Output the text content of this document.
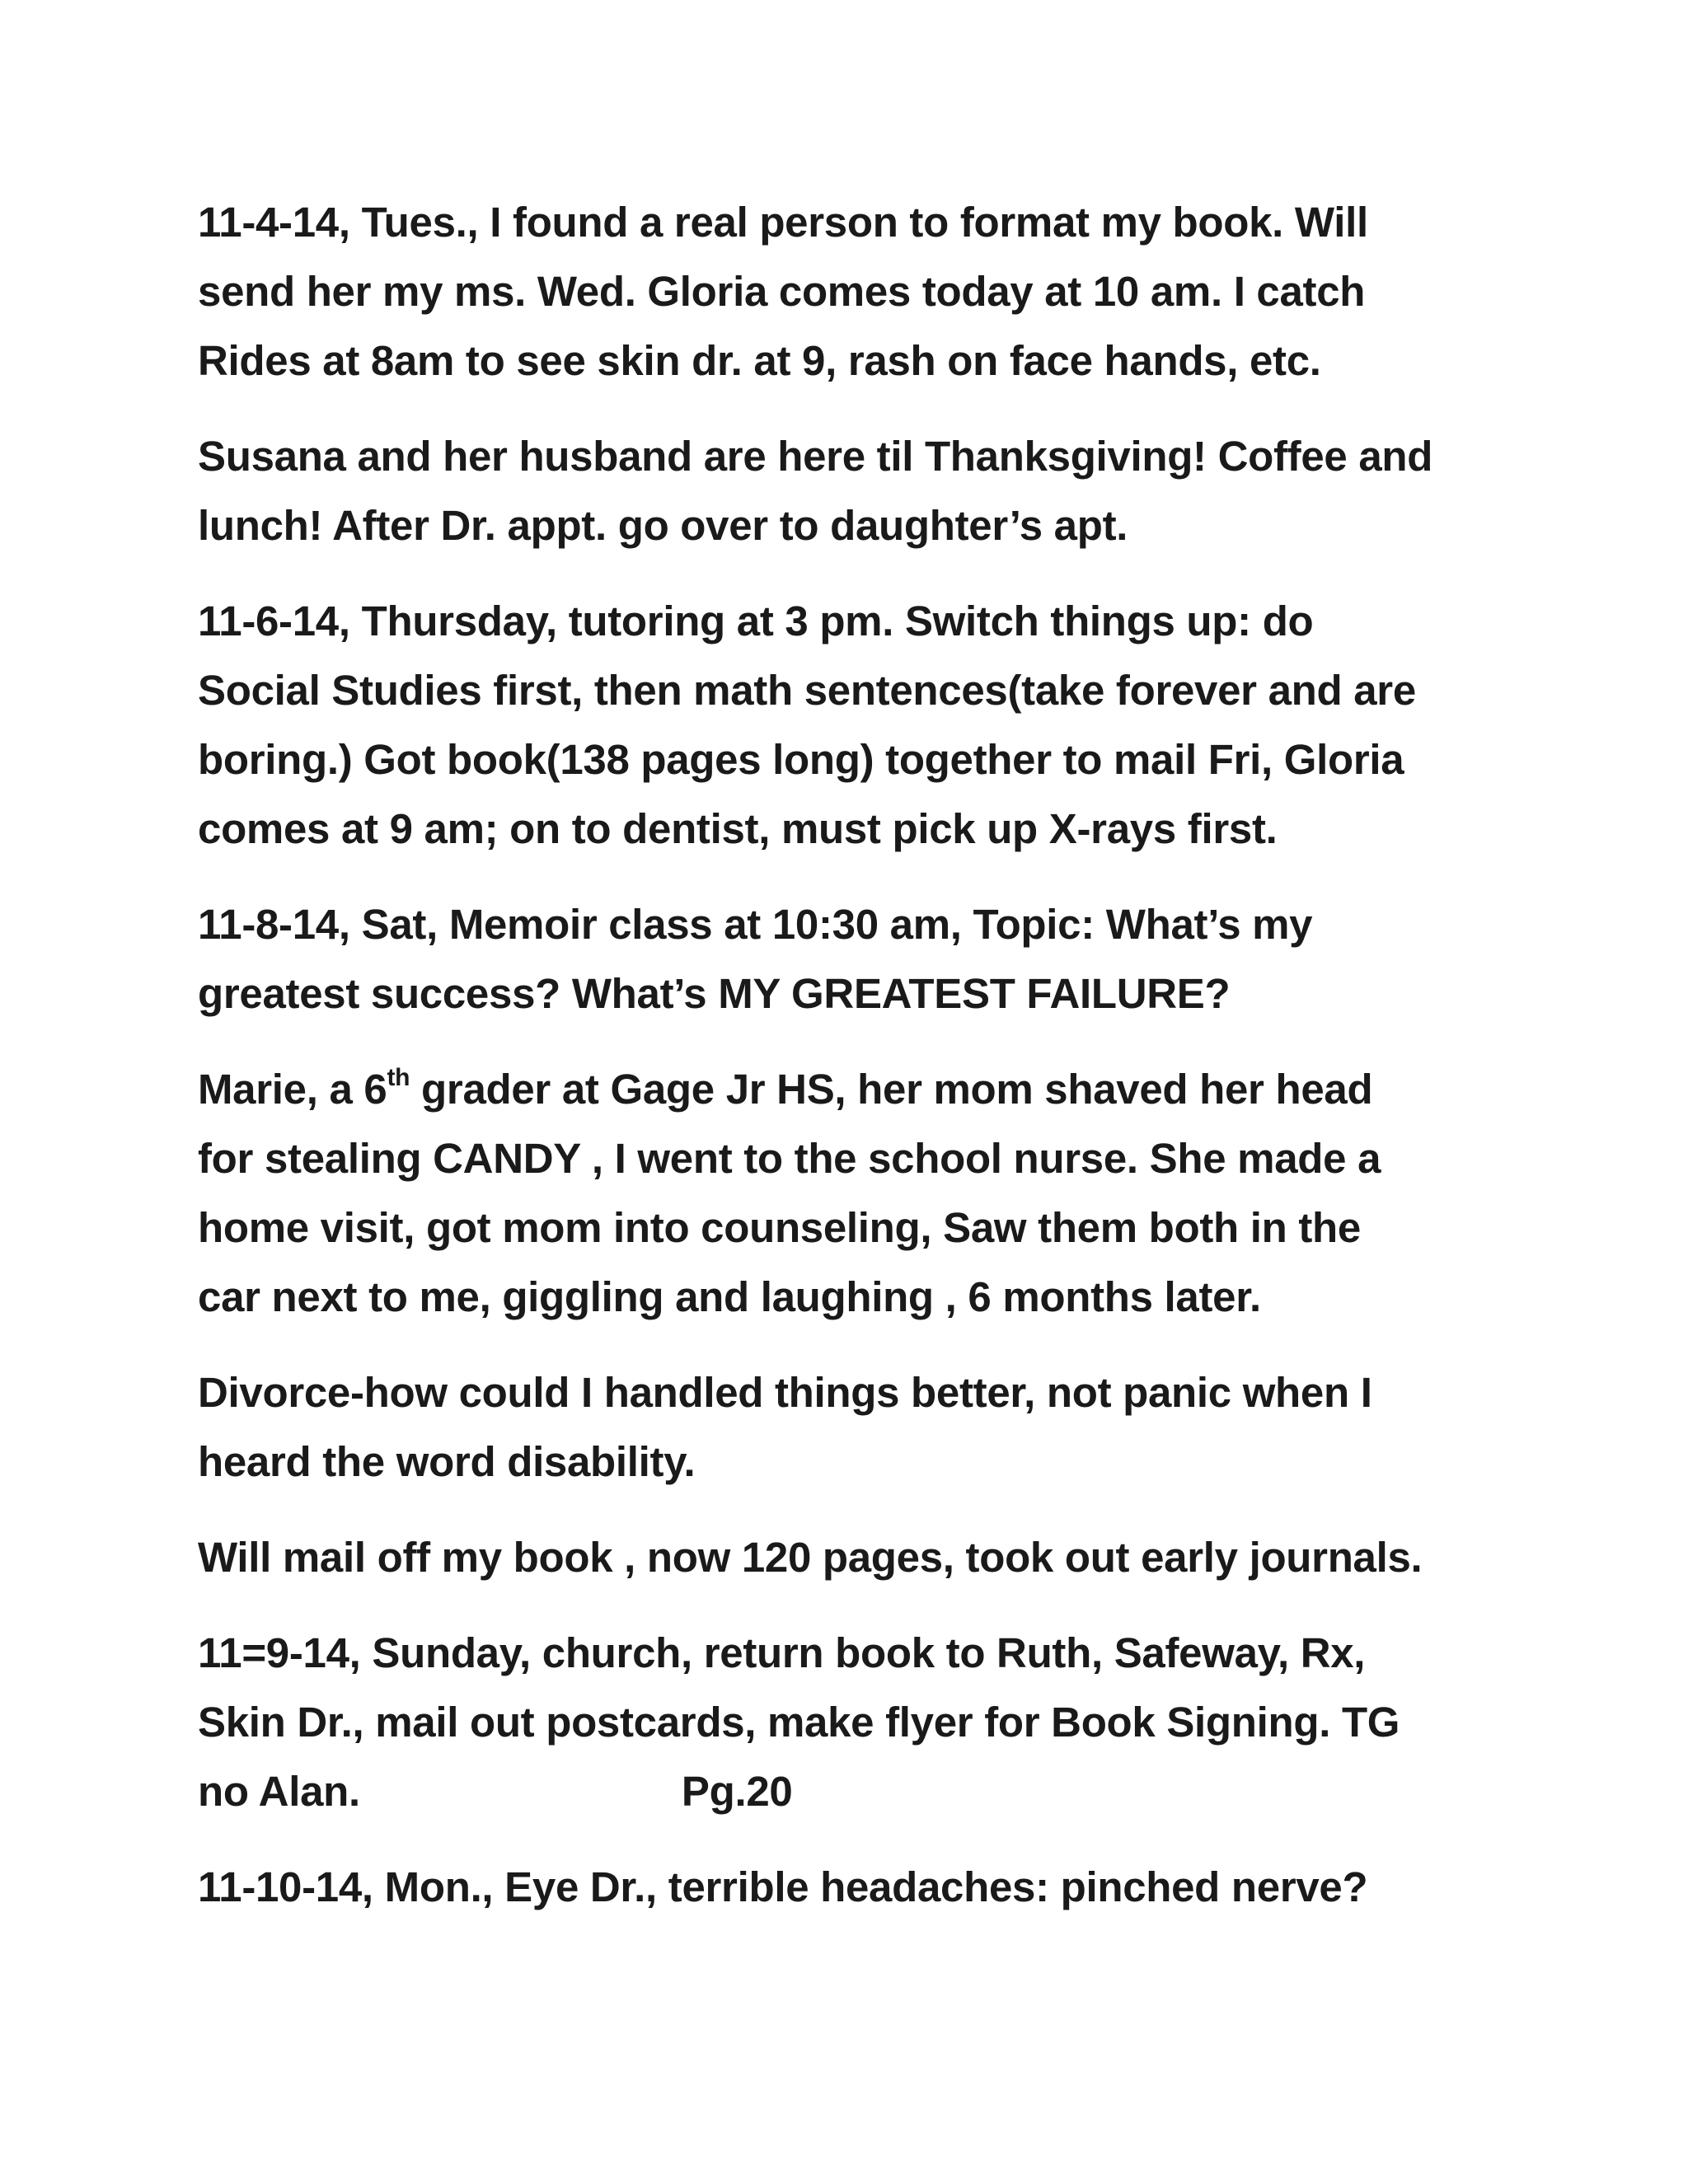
11-4-14, Tues., I found a real person to format my book. Will
send her my ms. Wed. Gloria comes today at 10 am. I catch
Rides at 8am to see skin dr. at 9, rash on face hands, etc.

Susana and her husband are here til Thanksgiving! Coffee and
lunch! After Dr. appt. go over to daughter’s apt.

11-6-14, Thursday, tutoring at 3 pm. Switch things up: do
Social Studies first, then math sentences(take forever and are
boring.) Got book(138 pages long) together to mail Fri, Gloria
comes at 9 am; on to dentist, must pick up X-rays first.

11-8-14, Sat, Memoir class at 10:30 am, Topic: What’s my
greatest success? What’s MY GREATEST FAILURE?

Marie, a 6th grader at Gage Jr HS, her mom shaved her head
for stealing CANDY , I went to the school nurse. She made a
home visit, got mom into counseling, Saw them both in the
car next to me, giggling and laughing , 6 months later.

Divorce-how could I handled things better, not panic when I
heard the word disability.

Will mail off my book , now 120 pages, took out early journals.

11=9-14, Sunday, church, return book to Ruth, Safeway, Rx,
Skin Dr., mail out postcards, make flyer for Book Signing. TG
no Alan.	Pg.20

11-10-14, Mon., Eye Dr., terrible headaches: pinched nerve?
